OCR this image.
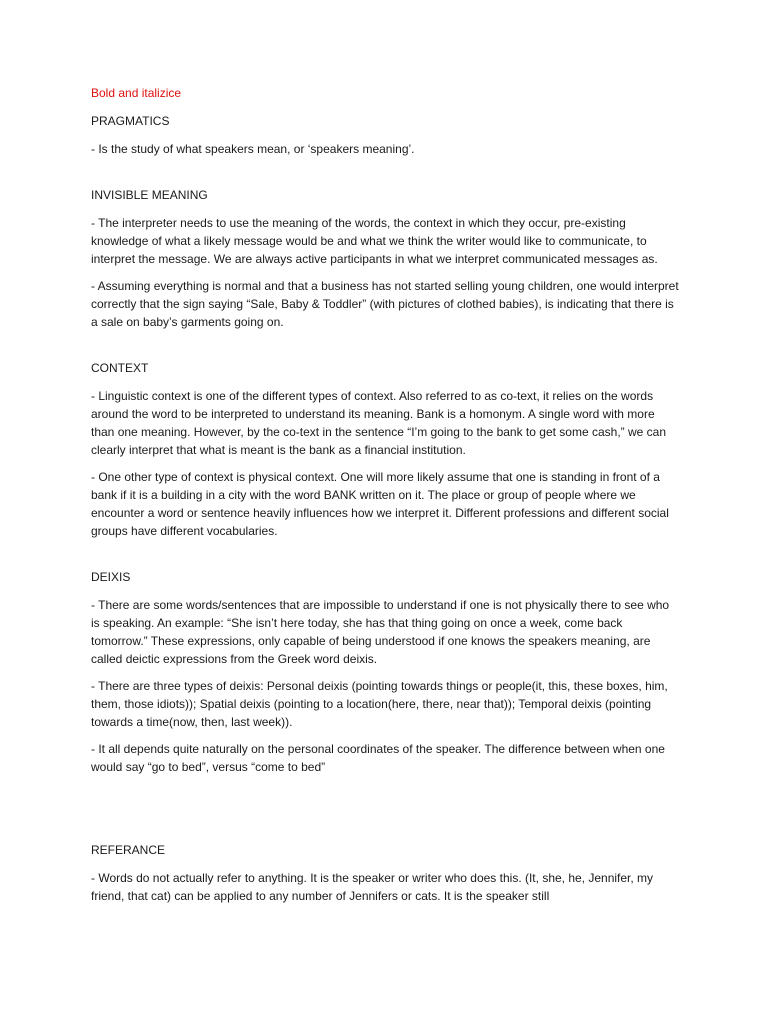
Bold and italizice
PRAGMATICS

- Is the study of what speakers mean, or ‘speakers meaning’.

INVISIBLE MEANING

- The interpreter needs to use the meaning of the words, the context in which they occur, pre-existing knowledge of what a likely message would be and what we think the writer would like to communicate, to interpret the message. We are always active participants in what we interpret communicated messages as.

- Assuming everything is normal and that a business has not started selling young children, one would interpret correctly that the sign saying “Sale, Baby & Toddler” (with pictures of clothed babies), is indicating that there is a sale on baby’s garments going on.

CONTEXT

- Linguistic context is one of the different types of context. Also referred to as co-text, it relies on the words around the word to be interpreted to understand its meaning. Bank is a homonym. A single word with more than one meaning. However, by the co-text in the sentence “I’m going to the bank to get some cash,” we can clearly interpret that what is meant is the bank as a financial institution.

- One other type of context is physical context. One will more likely assume that one is standing in front of a bank if it is a building in a city with the word BANK written on it. The place or group of people where we encounter a word or sentence heavily influences how we interpret it. Different professions and different social groups have different vocabularies.

DEIXIS

- There are some words/sentences that are impossible to understand if one is not physically there to see who is speaking. An example: “She isn’t here today, she has that thing going on once a week, come back tomorrow.” These expressions, only capable of being understood if one knows the speakers meaning, are called deictic expressions from the Greek word deixis.

- There are three types of deixis: Personal deixis (pointing towards things or people(it, this, these boxes, him, them, those idiots)); Spatial deixis (pointing to a location(here, there, near that)); Temporal deixis (pointing towards a time(now, then, last week)).

- It all depends quite naturally on the personal coordinates of the speaker. The difference between when one would say “go to bed”, versus “come to bed”

REFERANCE

- Words do not actually refer to anything. It is the speaker or writer who does this. (It, she, he, Jennifer, my friend, that cat) can be applied to any number of Jennifers or cats. It is the speaker still
